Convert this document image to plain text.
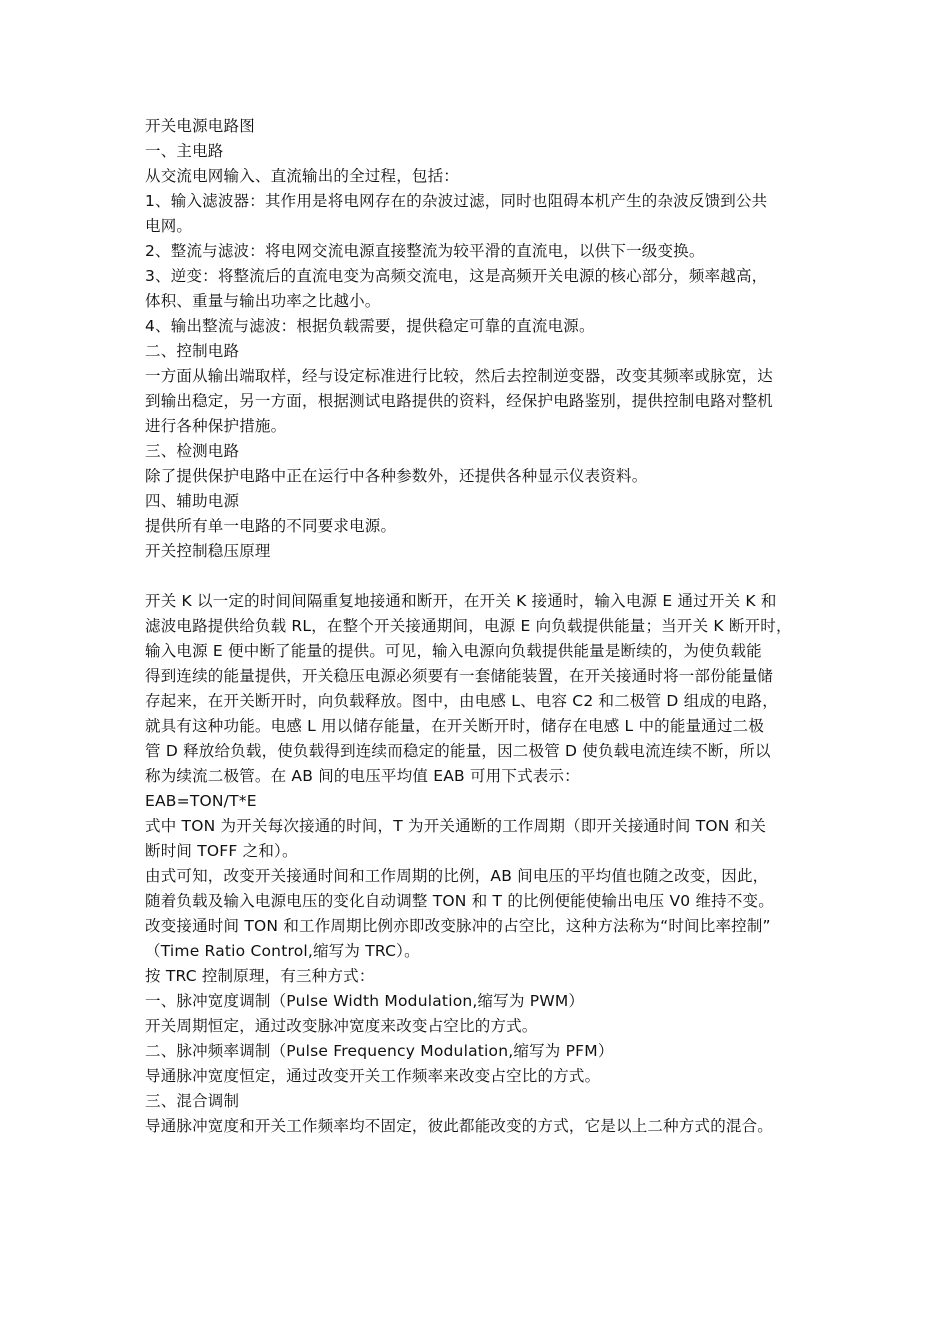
开关电源电路图
一、主电路
从交流电网输入、直流输出的全过程，包括：
1、输入滤波器：其作用是将电网存在的杂波过滤，同时也阻碍本机产生的杂波反馈到公共
电网。
2、整流与滤波：将电网交流电源直接整流为较平滑的直流电，以供下一级变换。
3、逆变：将整流后的直流电变为高频交流电，这是高频开关电源的核心部分，频率越高，
体积、重量与输出功率之比越小。
4、输出整流与滤波：根据负载需要，提供稳定可靠的直流电源。
二、控制电路
一方面从输出端取样，经与设定标准进行比较，然后去控制逆变器，改变其频率或脉宽，达
到输出稳定，另一方面，根据测试电路提供的资料，经保护电路鉴别，提供控制电路对整机
进行各种保护措施。
三、检测电路
除了提供保护电路中正在运行中各种参数外，还提供各种显示仪表资料。
四、辅助电源
提供所有单一电路的不同要求电源。
开关控制稳压原理
开关 K 以一定的时间间隔重复地接通和断开，在开关 K 接通时，输入电源 E 通过开关 K 和
滤波电路提供给负载 RL，在整个开关接通期间，电源 E 向负载提供能量；当开关 K 断开时，
输入电源 E 便中断了能量的提供。可见，输入电源向负载提供能量是断续的，为使负载能
得到连续的能量提供，开关稳压电源必须要有一套储能装置，在开关接通时将一部份能量储
存起来，在开关断开时，向负载释放。图中，由电感 L、电容 C2 和二极管 D 组成的电路，
就具有这种功能。电感 L 用以储存能量，在开关断开时，储存在电感 L 中的能量通过二极
管 D 释放给负载，使负载得到连续而稳定的能量，因二极管 D 使负载电流连续不断，所以
称为续流二极管。在 AB 间的电压平均值 EAB 可用下式表示：
EAB=TON/T*E
式中 TON 为开关每次接通的时间，T 为开关通断的工作周期（即开关接通时间 TON 和关
断时间 TOFF 之和）。
由式可知，改变开关接通时间和工作周期的比例，AB 间电压的平均值也随之改变，因此，
随着负载及输入电源电压的变化自动调整 TON 和 T 的比例便能使输出电压 V0 维持不变。
改变接通时间 TON 和工作周期比例亦即改变脉冲的占空比，这种方法称为“时间比率控制”
（Time Ratio Control,缩写为 TRC）。
按 TRC 控制原理，有三种方式：
一、脉冲宽度调制（Pulse Width Modulation,缩写为 PWM）
开关周期恒定，通过改变脉冲宽度来改变占空比的方式。
二、脉冲频率调制（Pulse Frequency Modulation,缩写为 PFM）
导通脉冲宽度恒定，通过改变开关工作频率来改变占空比的方式。
三、混合调制
导通脉冲宽度和开关工作频率均不固定，彼此都能改变的方式，它是以上二种方式的混合。
